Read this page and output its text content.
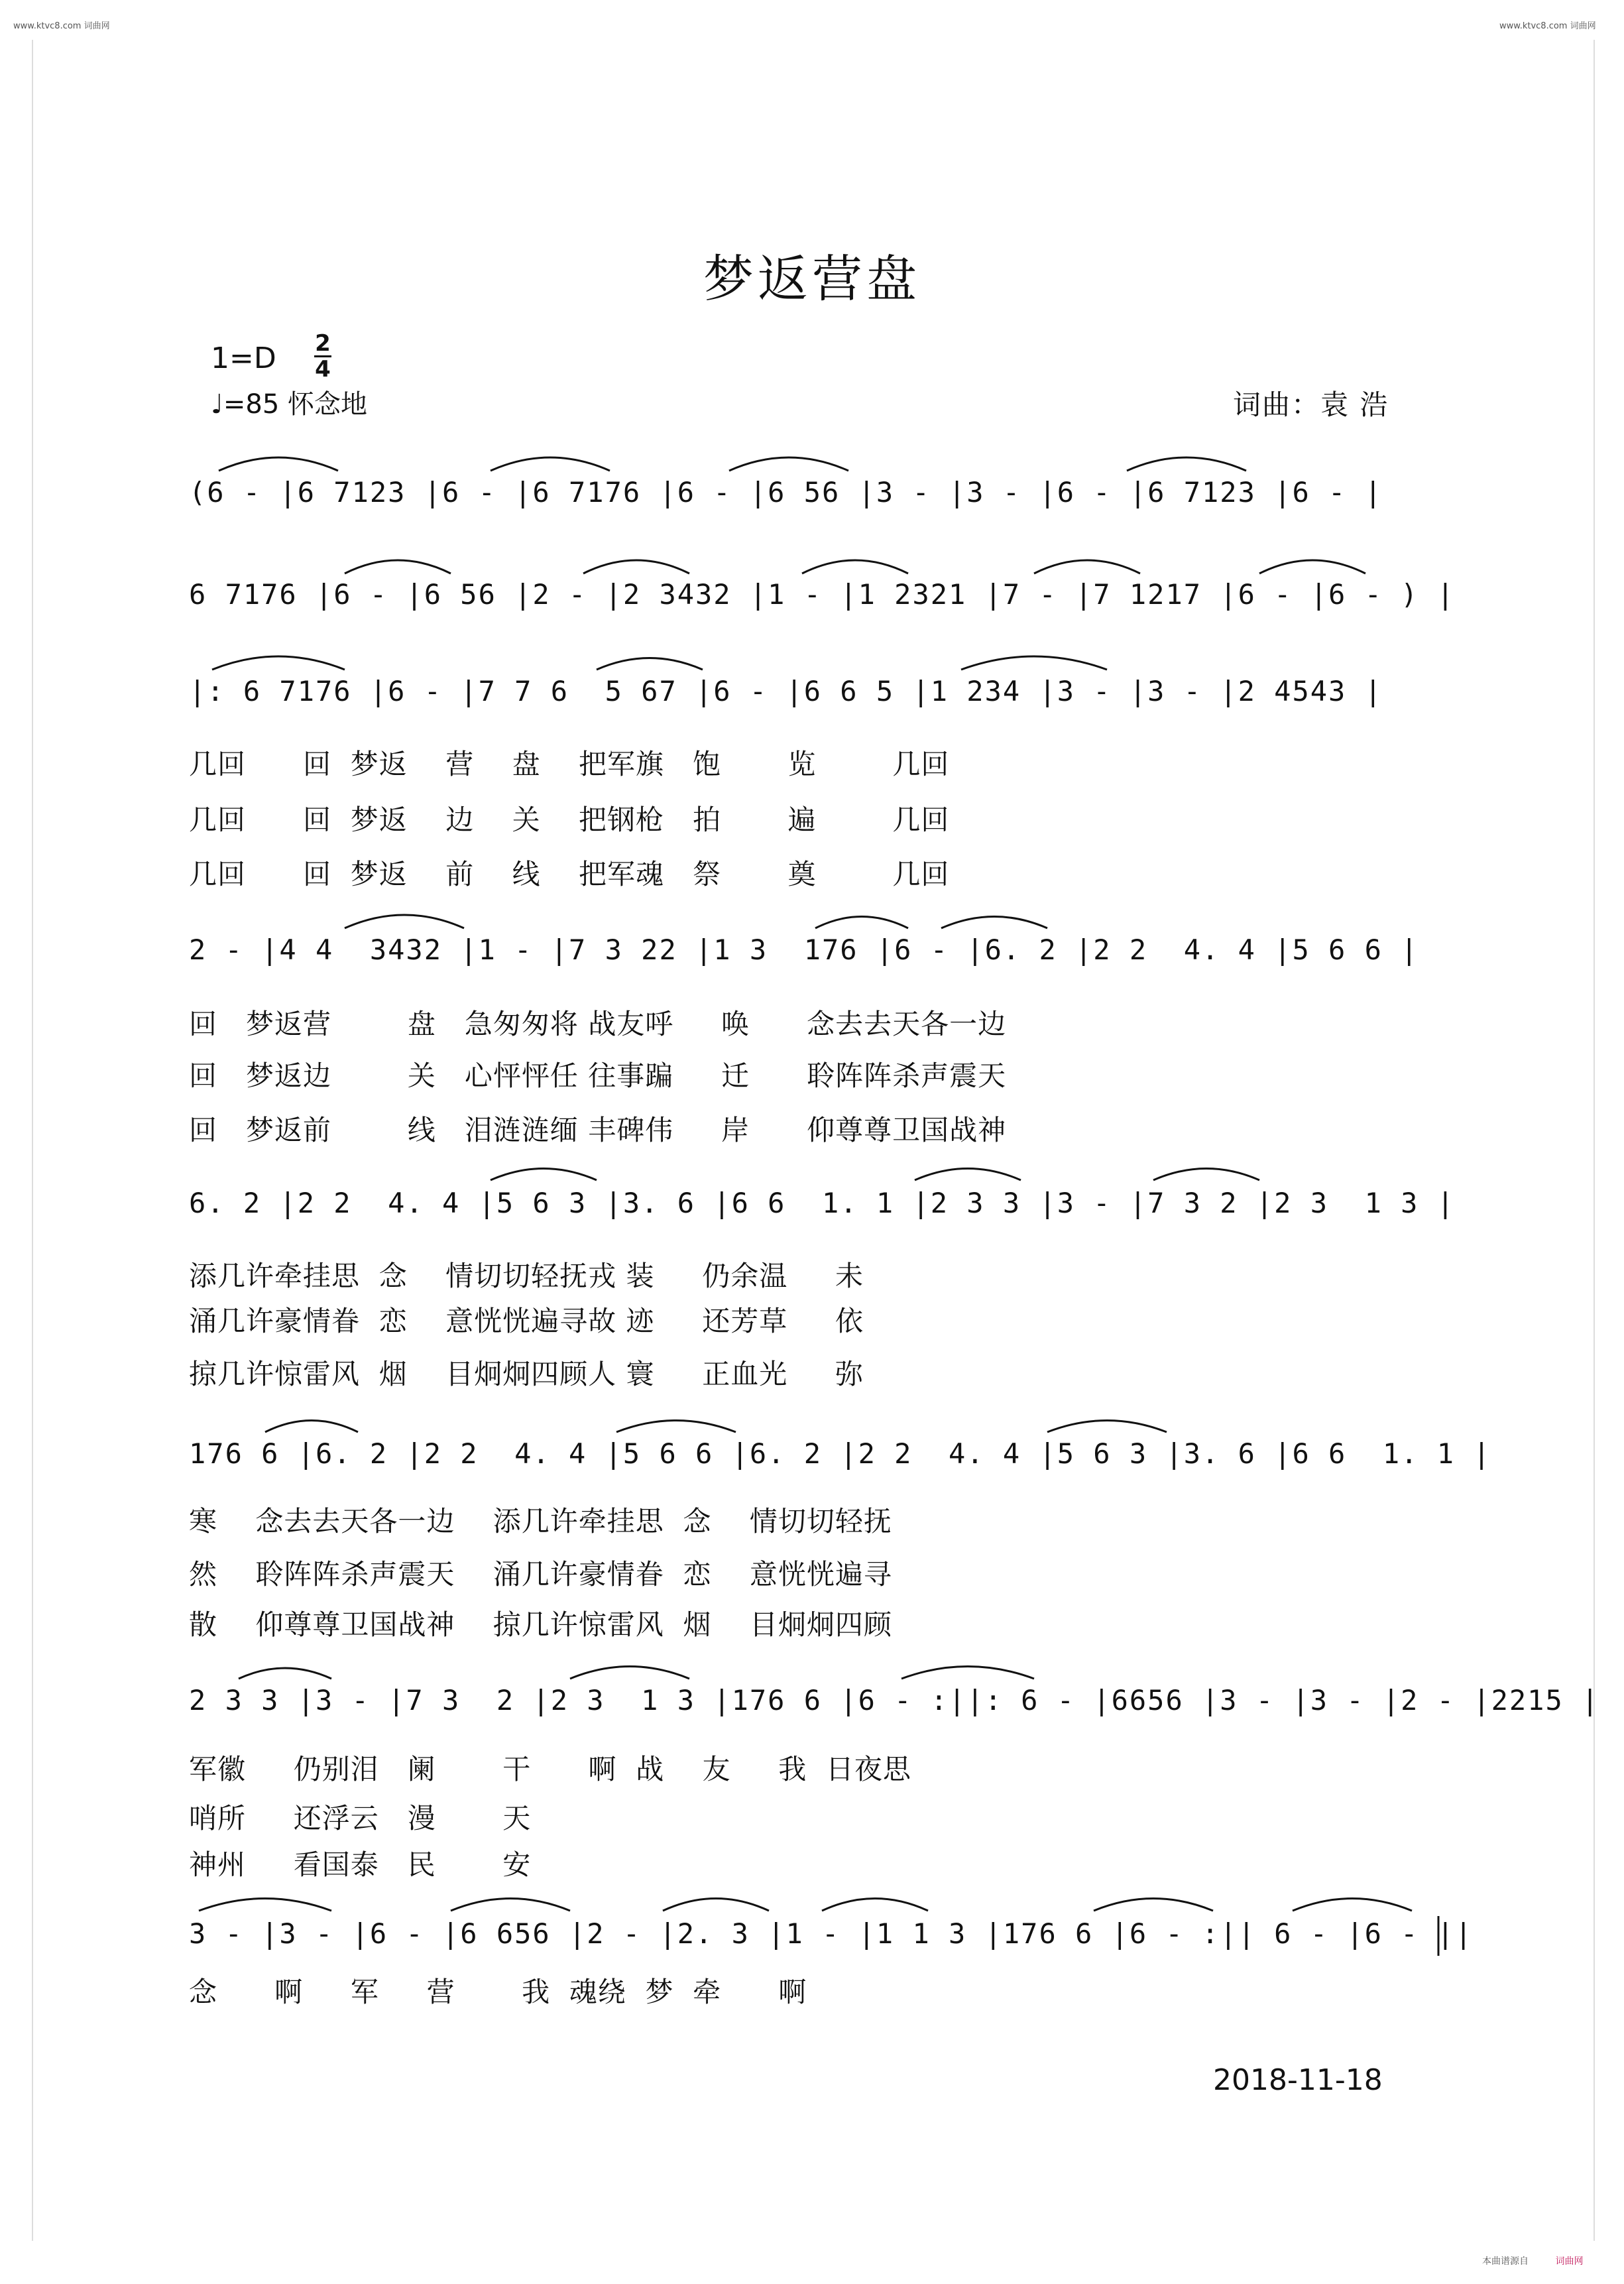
www.ktvc8.com 词曲网	www.ktvc8.com 词曲网
梦返营盘
1=D 2
4
♩=85 怀念地	词曲：袁 浩
(6 - |6 7123 |6 - |6 7176 |6 - |6 56 |3 - |3 - |6 - |6 7123 |6 - |
6 7176 |6 - |6 56 |2 - |2 3432 |1 - |1 2321 |7 - |7 1217 |6 - |6 - ) |
|: 6 7176 |6 - |7 7 6  5 67 |6 - |6 6 5 |1 234 |3 - |3 - |2 4543 |
几回      回  梦返    营    盘    把军旗   饱       览        几回
几回      回  梦返    边    关    把钢枪   拍       遍        几回
几回      回  梦返    前    线    把军魂   祭       奠        几回
2 - |4 4  3432 |1 - |7 3 22 |1 3  176 |6 - |6. 2 |2 2  4. 4 |5 6 6 |
回   梦返营        盘   急匆匆将 战友呼     唤      念去去天各一边
回   梦返边        关   心怦怦任 往事蹁     迁      聆阵阵杀声震天
回   梦返前        线   泪涟涟缅 丰碑伟     岸      仰尊尊卫国战神
6. 2 |2 2  4. 4 |5 6 3 |3. 6 |6 6  1. 1 |2 3 3 |3 - |7 3 2 |2 3  1 3 |
添几许牵挂思  念    情切切轻抚戎 装     仍余温     未
涌几许豪情眷  恋    意恍恍遍寻故 迹     还芳草     依
掠几许惊雷风  烟    目炯炯四顾人 寰     正血光     弥
176 6 |6. 2 |2 2  4. 4 |5 6 6 |6. 2 |2 2  4. 4 |5 6 3 |3. 6 |6 6  1. 1 |
寒    念去去天各一边    添几许牵挂思  念    情切切轻抚
然    聆阵阵杀声震天    涌几许豪情眷  恋    意恍恍遍寻
散    仰尊尊卫国战神    掠几许惊雷风  烟    目炯炯四顾
2 3 3 |3 - |7 3  2 |2 3  1 3 |176 6 |6 - :||: 6 - |6656 |3 - |3 - |2 - |2215 |
军徽     仍别泪   阑       干      啊  战    友     我  日夜思
哨所     还浮云   漫       天
神州     看国泰   民       安
3 - |3 - |6 - |6 656 |2 - |2. 3 |1 - |1 1 3 |176 6 |6 - :|| 6 - |6 - ||
念      啊     军     营       我  魂绕  梦  牵      啊
2018-11-18
本曲谱源自	词曲网
